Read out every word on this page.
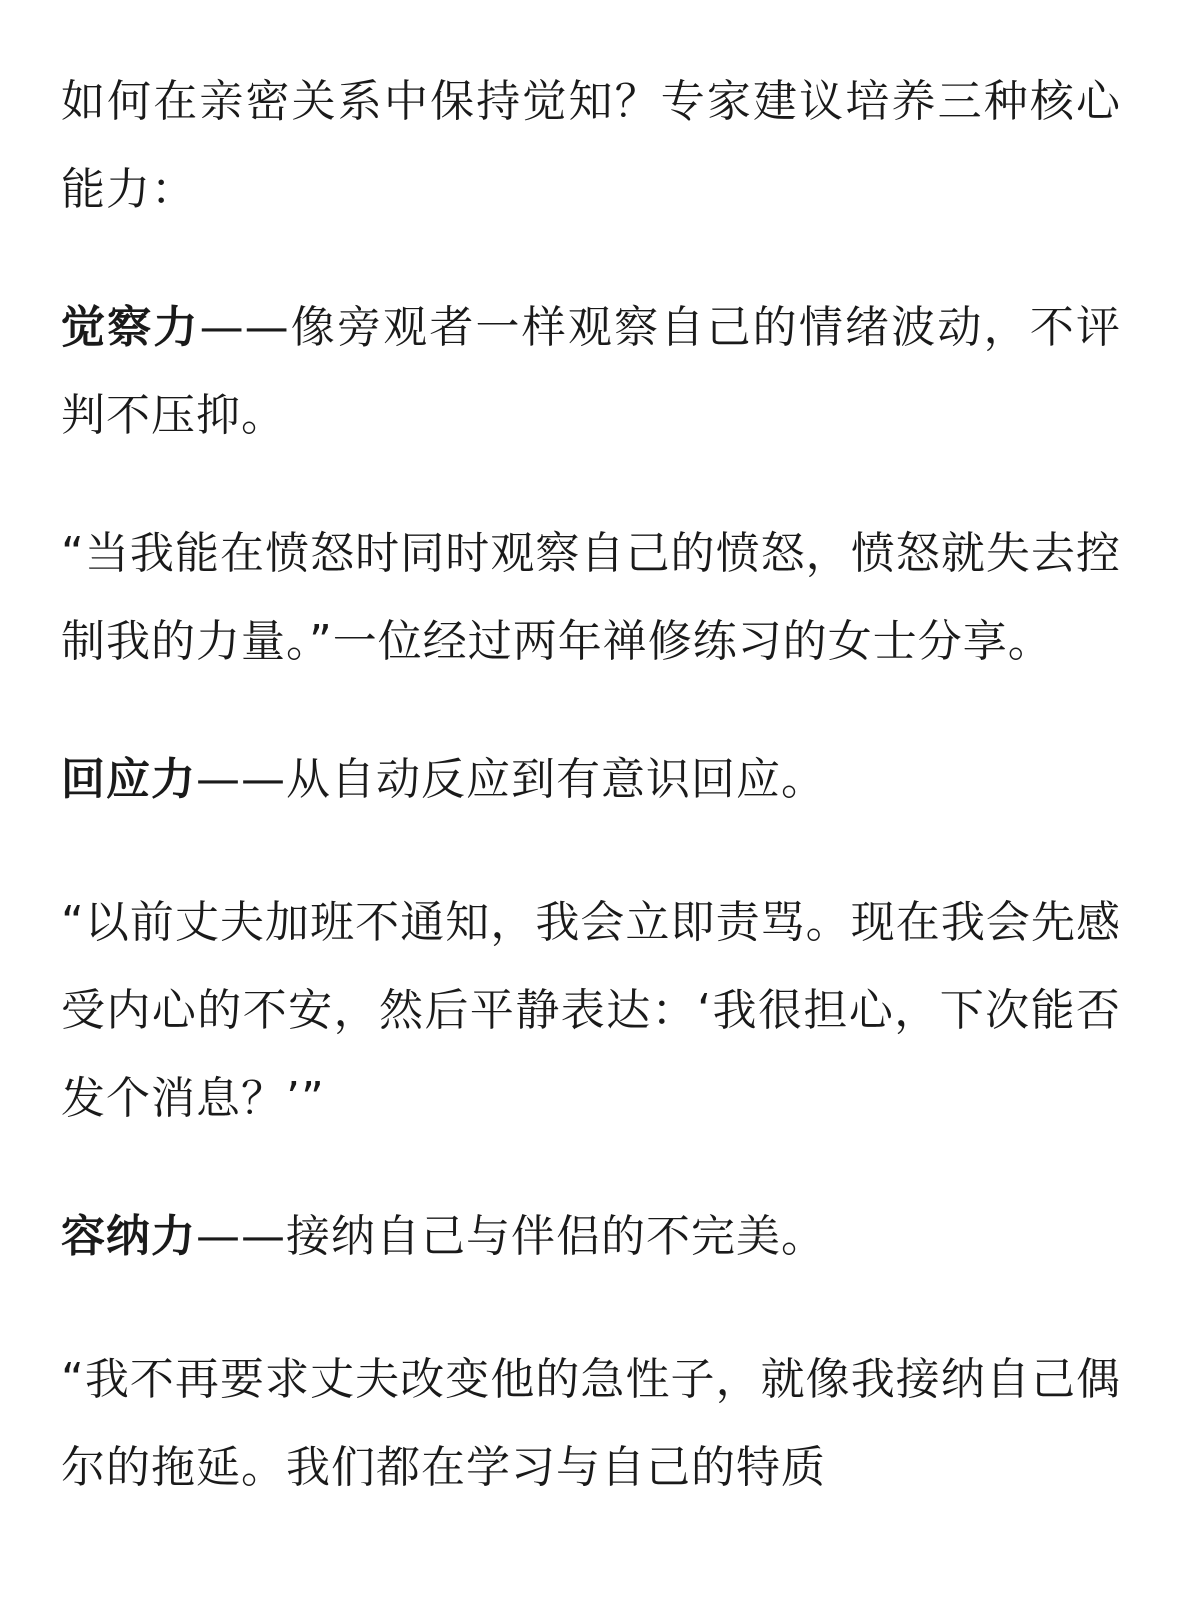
如何在亲密关系中保持觉知？专家建议培养三种核心能力：

觉察力——像旁观者一样观察自己的情绪波动，不评判不压抑。

“当我能在愤怒时同时观察自己的愤怒，愤怒就失去控制我的力量。”一位经过两年禅修练习的女士分享。

回应力——从自动反应到有意识回应。

“以前丈夫加班不通知，我会立即责骂。现在我会先感受内心的不安，然后平静表达：‘我很担心，下次能否发个消息？’”

容纳力——接纳自己与伴侣的不完美。

“我不再要求丈夫改变他的急性子，就像我接纳自己偶尔的拖延。我们都在学习与自己的特质
